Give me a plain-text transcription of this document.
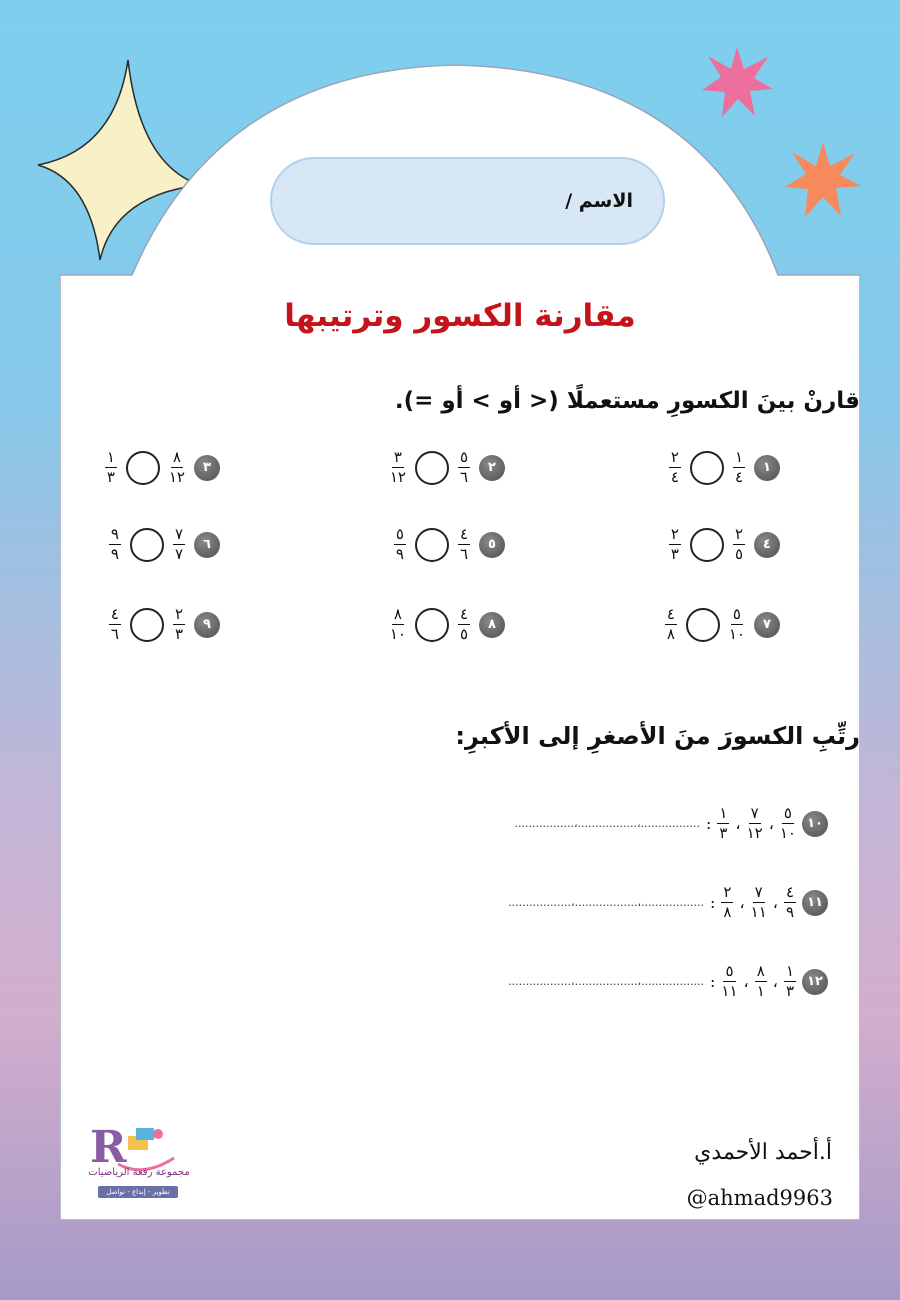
الاسم /
مقارنة الكسور وترتيبها
قارنْ بينَ الكسورِ مستعملًا (< أو > أو =).
١
$\frac{١}{٤}$
$\frac{٢}{٤}$
٢
$\frac{٥}{٦}$
$\frac{٣}{١٢}$
٣
$\frac{٨}{١٢}$
$\frac{١}{٣}$
٤
$\frac{٢}{٥}$
$\frac{٢}{٣}$
٥
$\frac{٤}{٦}$
$\frac{٥}{٩}$
٦
$\frac{٧}{٧}$
$\frac{٩}{٩}$
٧
$\frac{٥}{١٠}$
$\frac{٤}{٨}$
٨
$\frac{٤}{٥}$
$\frac{٨}{١٠}$
٩
$\frac{٢}{٣}$
$\frac{٤}{٦}$
رتِّبِ الكسورَ منَ الأصغرِ إلى الأكبرِ:
١٠
$\frac{٥}{١٠}$
،
$\frac{٧}{١٢}$
،
$\frac{١}{٣}$
:
.................،.................،.................
١١
$\frac{٤}{٩}$
،
$\frac{٧}{١١}$
،
$\frac{٢}{٨}$
:
..................،..................،..................
١٢
$\frac{١}{٣}$
،
$\frac{٨}{١}$
،
$\frac{٥}{١١}$
:
..................،..................،..................
R
مجموعة رفعة الرياضيات
تطوير - إبداع - تواصل
أ.أحمد الأحمدي
@ahmad9963
